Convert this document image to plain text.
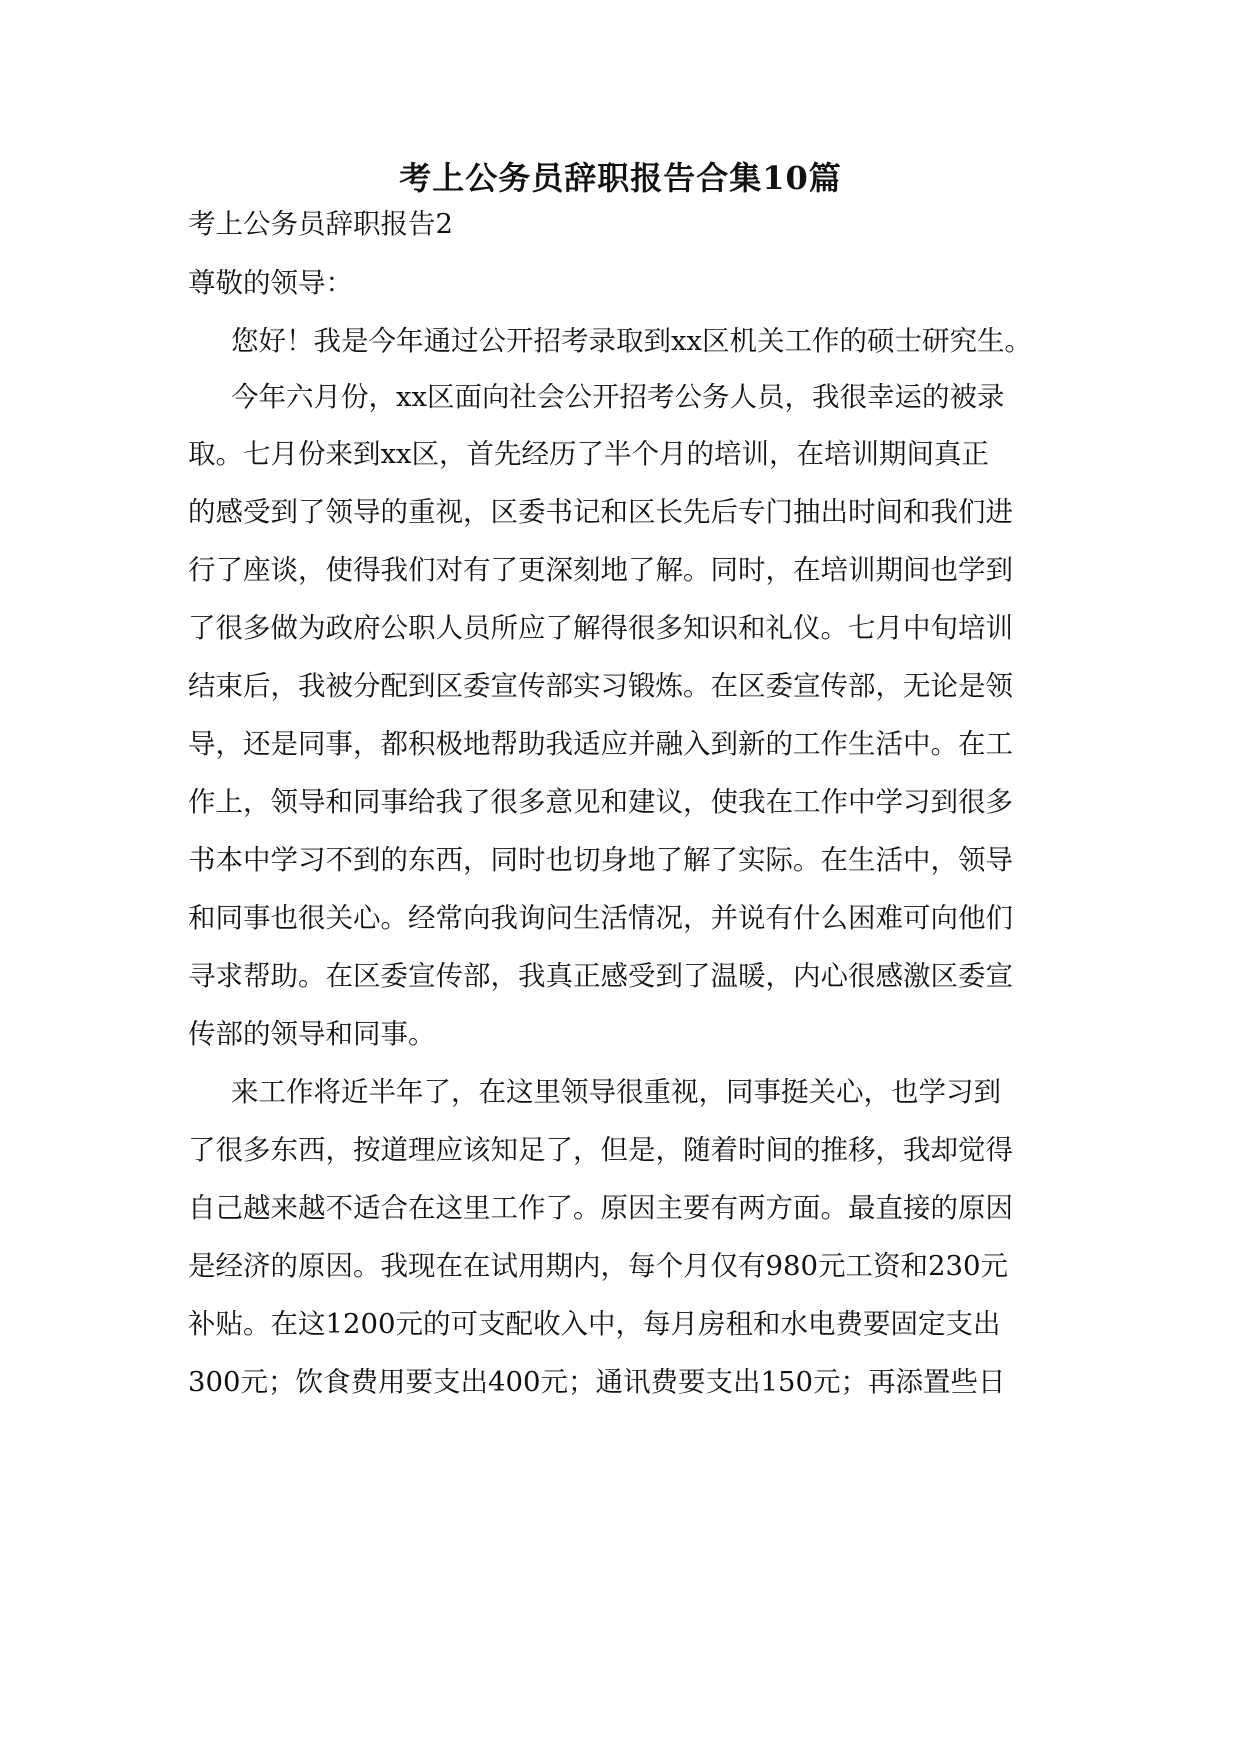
考上公务员辞职报告合集10篇

考上公务员辞职报告2

尊敬的领导：

您好！我是今年通过公开招考录取到xx区机关工作的硕士研究生。

今年六月份，xx区面向社会公开招考公务人员，我很幸运的被录

取。七月份来到xx区，首先经历了半个月的培训，在培训期间真正

的感受到了领导的重视，区委书记和区长先后专门抽出时间和我们进

行了座谈，使得我们对有了更深刻地了解。同时，在培训期间也学到

了很多做为政府公职人员所应了解得很多知识和礼仪。七月中旬培训

结束后，我被分配到区委宣传部实习锻炼。在区委宣传部，无论是领

导，还是同事，都积极地帮助我适应并融入到新的工作生活中。在工

作上，领导和同事给我了很多意见和建议，使我在工作中学习到很多

书本中学习不到的东西，同时也切身地了解了实际。在生活中，领导

和同事也很关心。经常向我询问生活情况，并说有什么困难可向他们

寻求帮助。在区委宣传部，我真正感受到了温暖，内心很感激区委宣

传部的领导和同事。

来工作将近半年了，在这里领导很重视，同事挺关心，也学习到

了很多东西，按道理应该知足了，但是，随着时间的推移，我却觉得

自己越来越不适合在这里工作了。原因主要有两方面。最直接的原因

是经济的原因。我现在在试用期内，每个月仅有980元工资和230元

补贴。在这1200元的可支配收入中，每月房租和水电费要固定支出

300元；饮食费用要支出400元；通讯费要支出150元；再添置些日
